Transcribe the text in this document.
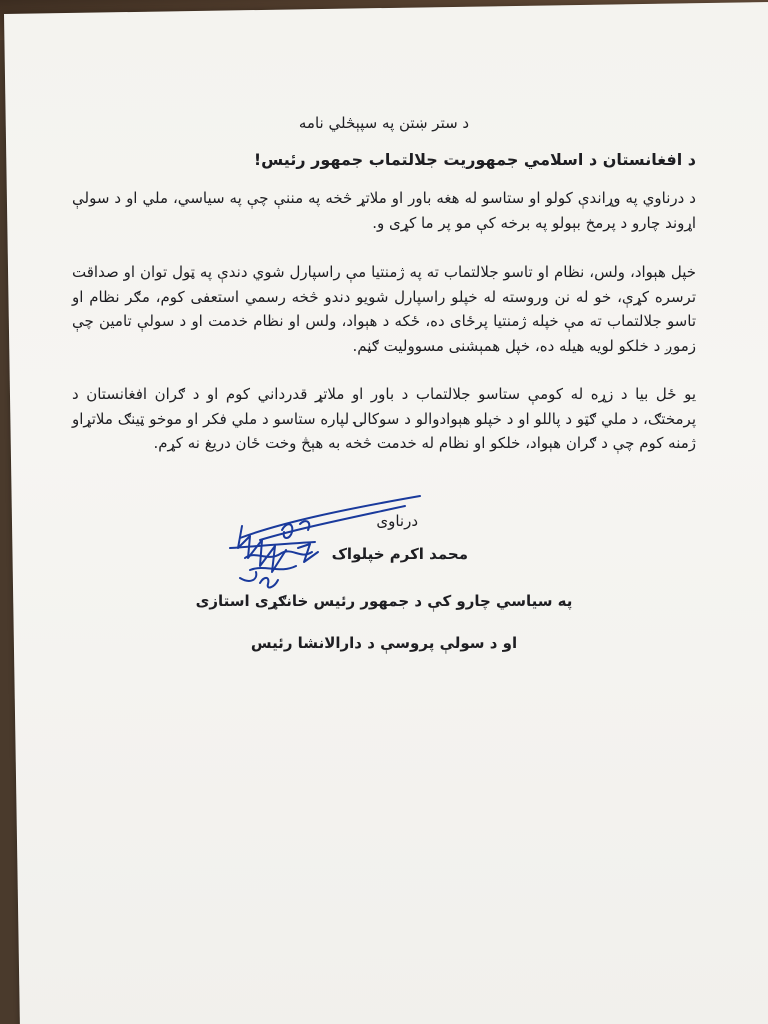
د ستر ښتن په سپېڅلي نامه
د افغانستان د اسلامي جمهوريت جلالتماب جمهور رئيس!

د درناوي په وړاندې کولو او ستاسو له هغه باور او ملاتړ څخه په مننې چې په سياسي، ملي او د سولې اړوند چارو د پرمخ بېولو په برخه کې مو پر ما کړی و.

خپل هېواد، ولس، نظام او تاسو جلالتماب ته په ژمنتيا مې راسپارل شوي دندې په ټول توان او صداقت ترسره کړې، خو له نن وروسته له خپلو راسپارل شويو دندو څخه رسمي استعفی کوم، مګر نظام او تاسو جلالتماب ته مې خپله ژمنتيا پرځای ده، ځکه د هېواد، ولس او نظام خدمت او د سولې تامين چې زموږ د خلکو لويه هيله ده، خپل همېشنی مسووليت ګڼم.

يو ځل بيا د زړه له کومې ستاسو جلالتماب د باور او ملاتړ قدرداني کوم او د ګران افغانستان د پرمختګ، د ملي ګټو د پاللو او د خپلو هېوادوالو د سوکالۍ لپاره ستاسو د ملي فکر او موخو ټينګ ملاتړاو ژمنه کوم چې د ګران هېواد، خلکو او نظام له خدمت څخه به هېڅ وخت ځان دريغ نه کړم.

درناوی
محمد اکرم خپلواک
په سياسي چارو کې د جمهور رئيس خانګړی استازی
او د سولې پروسې د دارالانشا رئيس
